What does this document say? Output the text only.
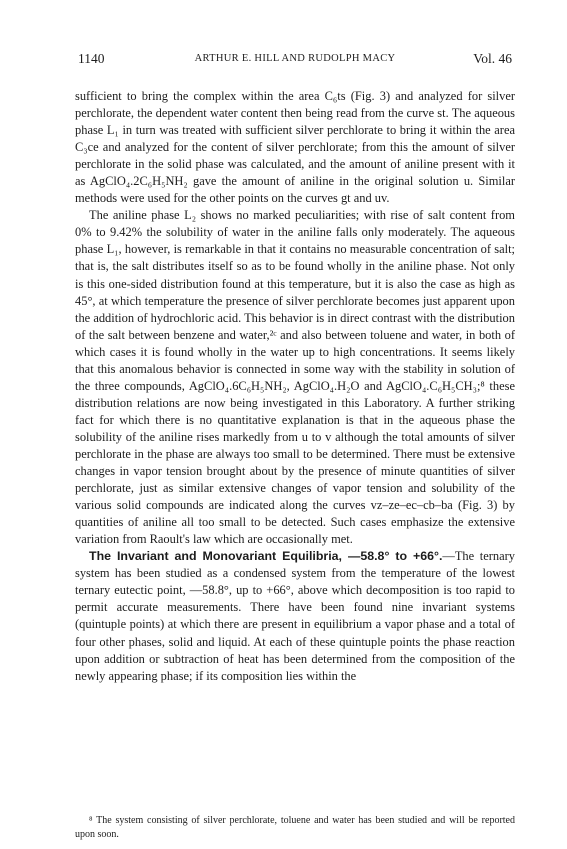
1140	ARTHUR E. HILL AND RUDOLPH MACY	Vol. 46

sufficient to bring the complex within the area C₆ts (Fig. 3) and analyzed for silver perchlorate, the dependent water content then being read from the curve st. The aqueous phase L₁ in turn was treated with sufficient silver perchlorate to bring it within the area C₃ce and analyzed for the content of silver perchlorate; from this the amount of silver perchlorate in the solid phase was calculated, and the amount of aniline present with it as AgClO₄.2C₆H₅NH₂ gave the amount of aniline in the original solution u. Similar methods were used for the other points on the curves gt and uv.

The aniline phase L₂ shows no marked peculiarities; with rise of salt content from 0% to 9.42% the solubility of water in the aniline falls only moderately. The aqueous phase L₁, however, is remarkable in that it contains no measurable concentration of salt; that is, the salt distributes itself so as to be found wholly in the aniline phase. Not only is this one-sided distribution found at this temperature, but it is also the case as high as 45°, at which temperature the presence of silver perchlorate becomes just apparent upon the addition of hydrochloric acid. This behavior is in direct contrast with the distribution of the salt between benzene and water,²ᶜ and also between toluene and water, in both of which cases it is found wholly in the water up to high concentrations. It seems likely that this anomalous behavior is connected in some way with the stability in solution of the three compounds, AgClO₄.6C₆H₅NH₂, AgClO₄.H₂O and AgClO₄.C₆H₅CH₃;⁸ these distribution relations are now being investigated in this Laboratory. A further striking fact for which there is no quantitative explanation is that in the aqueous phase the solubility of the aniline rises markedly from u to v although the total amounts of silver perchlorate in the phase are always too small to be determined. There must be extensive changes in vapor tension brought about by the presence of minute quantities of silver perchlorate, just as similar extensive changes of vapor tension and solubility of the various solid compounds are indicated along the curves vz–ze–ec–cb–ba (Fig. 3) by quantities of aniline all too small to be detected. Such cases emphasize the extensive variation from Raoult's law which are occasionally met.

The Invariant and Monovariant Equilibria, —58.8° to +66°.—The ternary system has been studied as a condensed system from the temperature of the lowest ternary eutectic point, —58.8°, up to +66°, above which decomposition is too rapid to permit accurate measurements. There have been found nine invariant systems (quintuple points) at which there are present in equilibrium a vapor phase and a total of four other phases, solid and liquid. At each of these quintuple points the phase reaction upon addition or subtraction of heat has been determined from the composition of the newly appearing phase; if its composition lies within the

⁸ The system consisting of silver perchlorate, toluene and water has been studied and will be reported upon soon.
